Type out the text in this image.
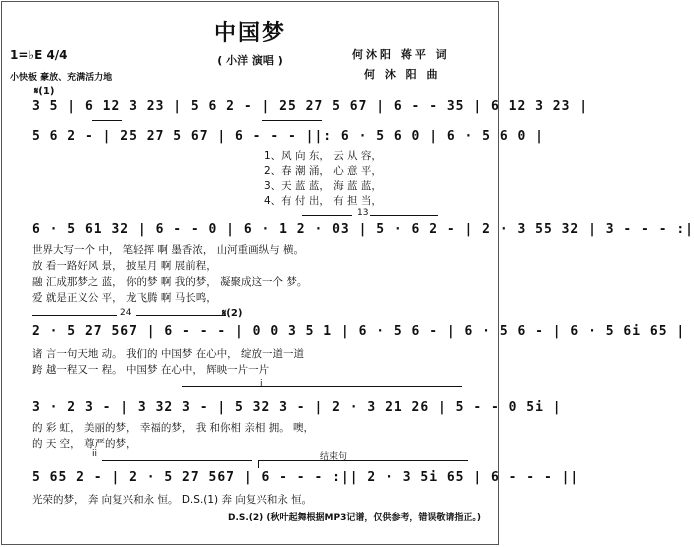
中国梦
( 小洋 演唱 )	何沐阳 蒋平 词
何 沐 阳 曲
1=♭E 4/4
小快板 豪放、充满活力地
𝄋(1)
3 5 | 6 12 3 23 | 5 6 2 - | 25 27 5 67 | 6 - - 35 | 6 12 3 23 |
5 6 2 - | 25 27 5 67 | 6 - - - ||: 6 · 5 6 0 | 6 · 5 6 0 |
1、风 向 东， 云 从 容，
2、春 潮 涌， 心 意 平，
3、天 蓝 蓝， 海 蓝 蓝，
4、有 付 出， 有 担 当，
13
6 · 5 61 32 | 6 - - 0 | 6 · 1 2 · 03 | 5 · 6 2 - | 2 · 3 55 32 | 3 - - - :|
世界大写一个 中， 笔轻挥 啊 墨香浓， 山河重画纵与 横。
放 看一路好风 景， 披星月 啊 展前程，
融 汇成那梦之 蓝， 你的梦 啊 我的梦， 凝聚成这一个 梦。
爱 就是正义公 平， 龙飞腾 啊 马长鸣，
24	𝄋(2)
2 · 5 27 567 | 6 - - - | 0 0 3 5 1 | 6 · 5 6 - | 6 · 5 6 - | 6 · 5 6i 65 |
诸 言一句天地 动。 我们的 中国梦 在心中， 绽放一道一道
跨 越一程又一 程。 中国梦 在心中， 辉映一片一片
i
3 · 2 3 - | 3 32 3 - | 5 32 3 - | 2 · 3 21 26 | 5 - - 0 5i |
的 彩 虹， 美丽的梦， 幸福的梦， 我 和你相 亲相 拥。 噢，
的 天 空， 尊严的梦，
ii	结束句
5 65 2 - | 2 · 5 27 567 | 6 - - - :|| 2 · 3 5i 65 | 6 - - - ||
光荣的梦， 奔 向复兴和永 恒。 D.S.(1) 奔 向复兴和永 恒。
D.S.(2) (秋叶起舞根据MP3记谱，仅供参考，错误敬请指正。)
